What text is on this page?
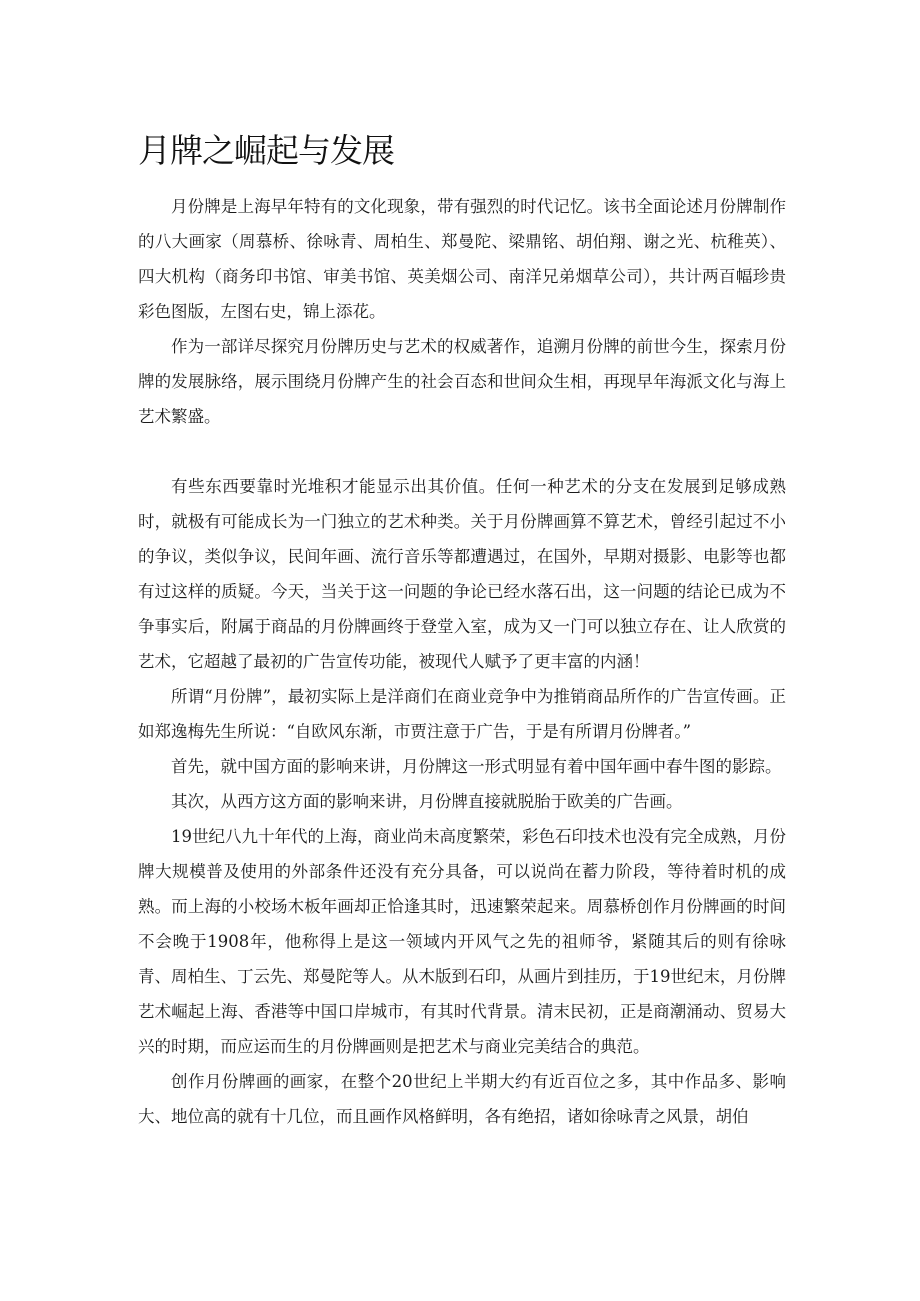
月牌之崛起与发展

月份牌是上海早年特有的文化现象，带有强烈的时代记忆。该书全面论述月份牌制作的八大画家（周慕桥、徐咏青、周柏生、郑曼陀、梁鼎铭、胡伯翔、谢之光、杭稚英）、四大机构（商务印书馆、审美书馆、英美烟公司、南洋兄弟烟草公司），共计两百幅珍贵彩色图版，左图右史，锦上添花。

作为一部详尽探究月份牌历史与艺术的权威著作，追溯月份牌的前世今生，探索月份牌的发展脉络，展示围绕月份牌产生的社会百态和世间众生相，再现早年海派文化与海上艺术繁盛。

有些东西要靠时光堆积才能显示出其价值。任何一种艺术的分支在发展到足够成熟时，就极有可能成长为一门独立的艺术种类。关于月份牌画算不算艺术，曾经引起过不小的争议，类似争议，民间年画、流行音乐等都遭遇过，在国外，早期对摄影、电影等也都有过这样的质疑。今天，当关于这一问题的争论已经水落石出，这一问题的结论已成为不争事实后，附属于商品的月份牌画终于登堂入室，成为又一门可以独立存在、让人欣赏的艺术，它超越了最初的广告宣传功能，被现代人赋予了更丰富的内涵！

所谓“月份牌”，最初实际上是洋商们在商业竞争中为推销商品所作的广告宣传画。正如郑逸梅先生所说：“自欧风东渐，市贾注意于广告，于是有所谓月份牌者。”

首先，就中国方面的影响来讲，月份牌这一形式明显有着中国年画中春牛图的影踪。

其次，从西方这方面的影响来讲，月份牌直接就脱胎于欧美的广告画。

19世纪八九十年代的上海，商业尚未高度繁荣，彩色石印技术也没有完全成熟，月份牌大规模普及使用的外部条件还没有充分具备，可以说尚在蓄力阶段，等待着时机的成熟。而上海的小校场木板年画却正恰逢其时，迅速繁荣起来。周慕桥创作月份牌画的时间不会晚于1908年，他称得上是这一领域内开风气之先的祖师爷，紧随其后的则有徐咏青、周柏生、丁云先、郑曼陀等人。从木版到石印，从画片到挂历，于19世纪末，月份牌艺术崛起上海、香港等中国口岸城市，有其时代背景。清末民初，正是商潮涌动、贸易大兴的时期，而应运而生的月份牌画则是把艺术与商业完美结合的典范。

创作月份牌画的画家，在整个20世纪上半期大约有近百位之多，其中作品多、影响大、地位高的就有十几位，而且画作风格鲜明，各有绝招，诸如徐咏青之风景，胡伯
